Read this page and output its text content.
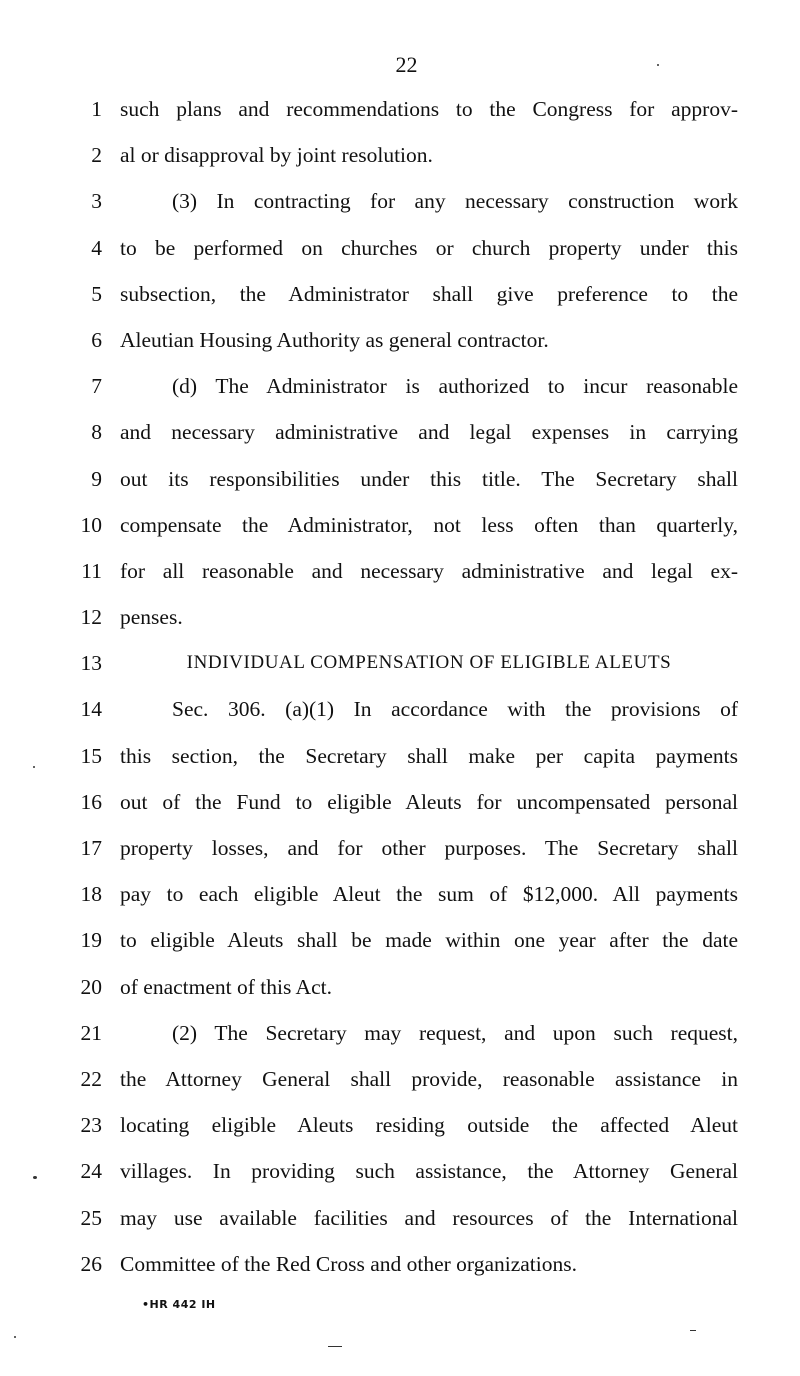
22
1 such plans and recommendations to the Congress for approv-
2 al or disapproval by joint resolution.
3	(3) In contracting for any necessary construction work
4 to be performed on churches or church property under this
5 subsection, the Administrator shall give preference to the
6 Aleutian Housing Authority as general contractor.
7	(d) The Administrator is authorized to incur reasonable
8 and necessary administrative and legal expenses in carrying
9 out its responsibilities under this title. The Secretary shall
10 compensate the Administrator, not less often than quarterly,
11 for all reasonable and necessary administrative and legal ex-
12 penses.
13	INDIVIDUAL COMPENSATION OF ELIGIBLE ALEUTS
14	Sec. 306. (a)(1) In accordance with the provisions of
15 this section, the Secretary shall make per capita payments
16 out of the Fund to eligible Aleuts for uncompensated personal
17 property losses, and for other purposes. The Secretary shall
18 pay to each eligible Aleut the sum of $12,000. All payments
19 to eligible Aleuts shall be made within one year after the date
20 of enactment of this Act.
21	(2) The Secretary may request, and upon such request,
22 the Attorney General shall provide, reasonable assistance in
23 locating eligible Aleuts residing outside the affected Aleut
24 villages. In providing such assistance, the Attorney General
25 may use available facilities and resources of the International
26 Committee of the Red Cross and other organizations.
•HR 442 IH
